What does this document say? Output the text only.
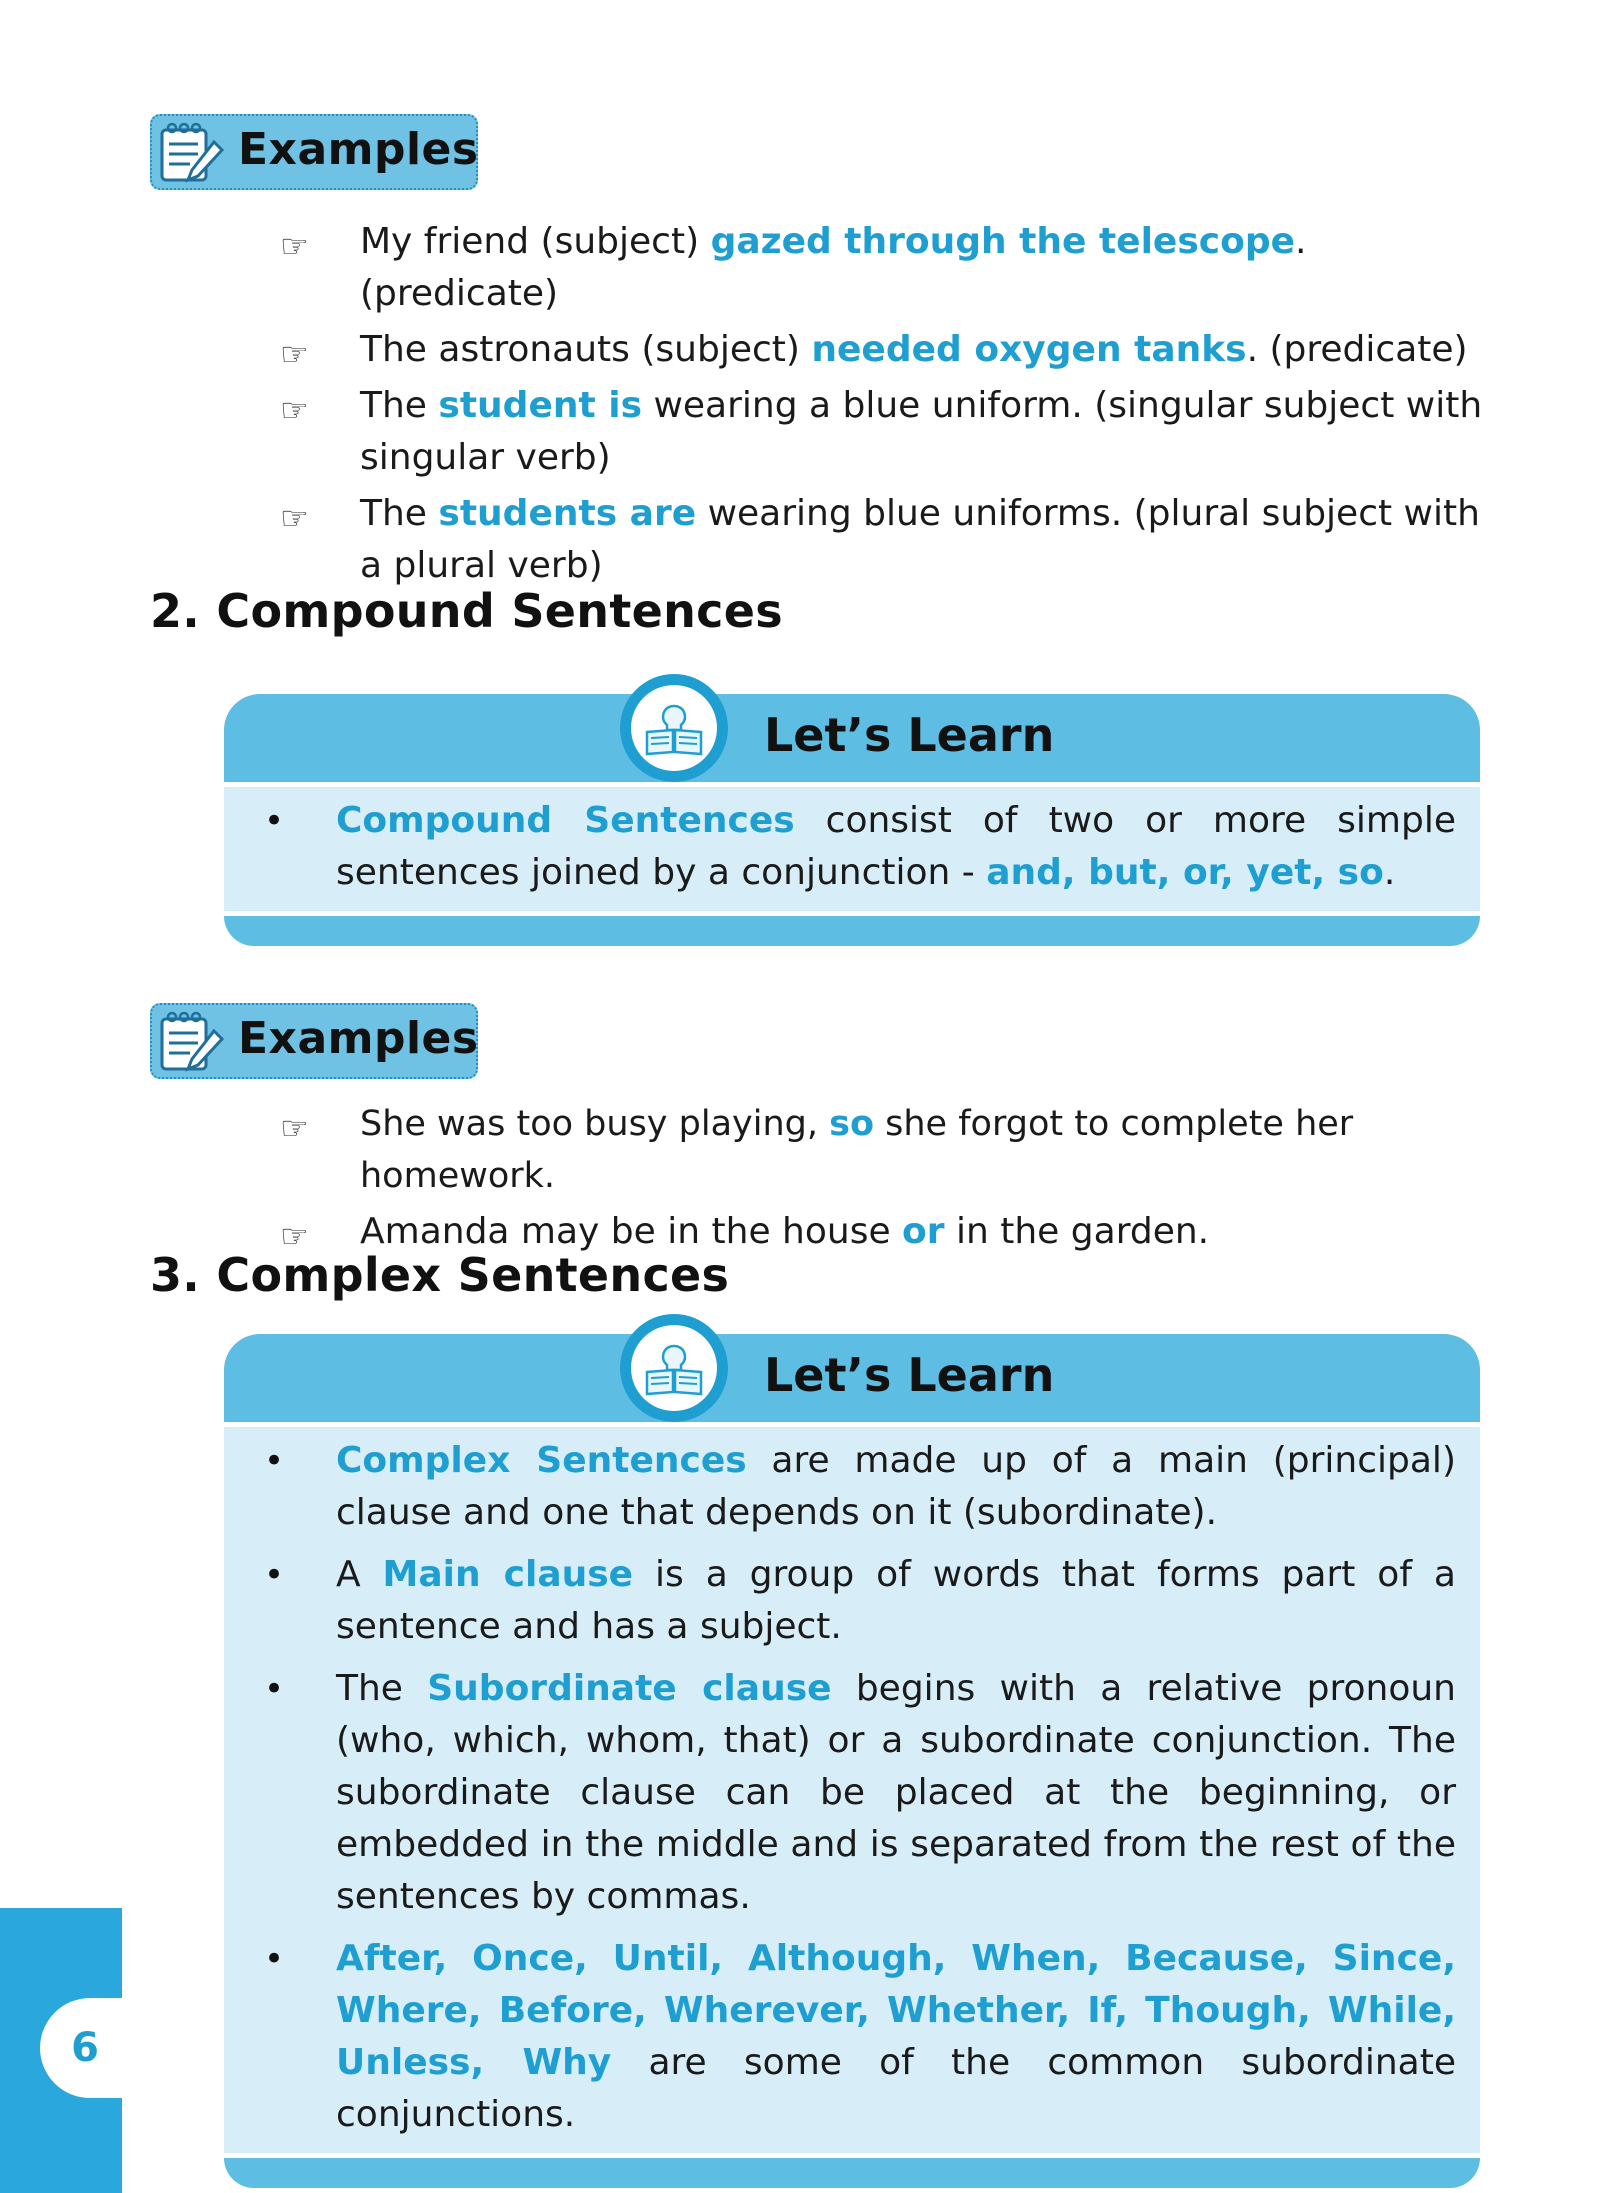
Examples
☞ My friend (subject) gazed through the telescope. (predicate)
☞ The astronauts (subject) needed oxygen tanks. (predicate)
☞ The student is wearing a blue uniform. (singular subject with singular verb)
☞ The students are wearing blue uniforms. (plural subject with a plural verb)
2. Compound Sentences
Let’s Learn
• Compound Sentences consist of two or more simple sentences joined by a conjunction - and, but, or, yet, so.
Examples
☞ She was too busy playing, so she forgot to complete her homework.
☞ Amanda may be in the house or in the garden.
3. Complex Sentences
Let’s Learn
• Complex Sentences are made up of a main (principal) clause and one that depends on it (subordinate).
• A Main clause is a group of words that forms part of a sentence and has a subject.
• The Subordinate clause begins with a relative pronoun (who, which, whom, that) or a subordinate conjunction. The subordinate clause can be placed at the beginning, or embedded in the middle and is separated from the rest of the sentences by commas.
• After, Once, Until, Although, When, Because, Since, Where, Before, Wherever, Whether, If, Though, While, Unless, Why are some of the common subordinate conjunctions.
6
